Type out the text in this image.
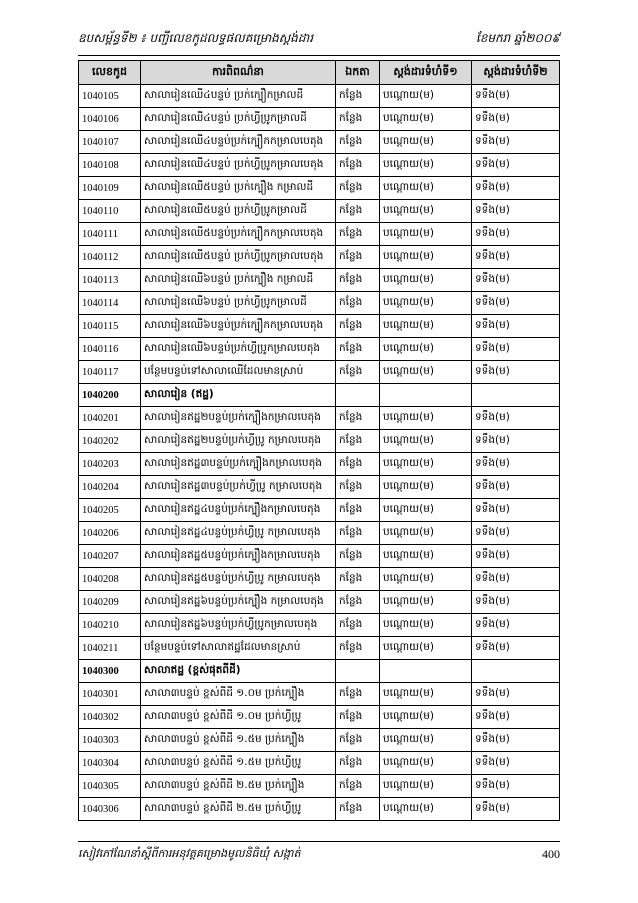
ឧបសម្ព័ន្ធទី២ ៖ បញ្ជីលេខកូដលទ្ធផលគម្រោងស្តង់ដារ	ខែមករា ឆ្នាំ២០០៩
លេខកូដ	ការពិពណ៌នា	ឯកតា	ស្តង់ដារទំហំទី១	ស្តង់ដារទំហំទី២
1040105	សាលារៀនឈើ៤បន្ទប់ ប្រក់ក្បឿកម្រាលដី	កន្លែង	បណ្តោយ(ម)	ទទឹង(ម)
1040106	សាលារៀនឈើ៤បន្ទប់ ប្រក់ហ្វីប្រូកម្រាលដី	កន្លែង	បណ្តោយ(ម)	ទទឹង(ម)
1040107	សាលារៀនឈើ៤បន្ទប់ប្រក់ក្បឿកកម្រាលបេតុង	កន្លែង	បណ្តោយ(ម)	ទទឹង(ម)
1040108	សាលារៀនឈើ៤បន្ទប់ ប្រក់ហ្វីប្រូកម្រាលបេតុង	កន្លែង	បណ្តោយ(ម)	ទទឹង(ម)
1040109	សាលារៀនឈើ៥បន្ទប់ ប្រក់ក្បឿង កម្រាលដី	កន្លែង	បណ្តោយ(ម)	ទទឹង(ម)
1040110	សាលារៀនឈើ៥បន្ទប់ ប្រក់ហ្វីប្រូកម្រាលដី	កន្លែង	បណ្តោយ(ម)	ទទឹង(ម)
1040111	សាលារៀនឈើ៥បន្ទប់ប្រក់ក្បឿកកម្រាលបេតុង	កន្លែង	បណ្តោយ(ម)	ទទឹង(ម)
1040112	សាលារៀនឈើ៥បន្ទប់ ប្រក់ហ្វីប្រូកម្រាលបេតុង	កន្លែង	បណ្តោយ(ម)	ទទឹង(ម)
1040113	សាលារៀនឈើ៦បន្ទប់ ប្រក់ក្បឿង កម្រាលដី	កន្លែង	បណ្តោយ(ម)	ទទឹង(ម)
1040114	សាលារៀនឈើ៦បន្ទប់ ប្រក់ហ្វីប្រូកម្រាលដី	កន្លែង	បណ្តោយ(ម)	ទទឹង(ម)
1040115	សាលារៀនឈើ៦បន្ទប់ប្រក់ក្បឿកកម្រាលបេតុង	កន្លែង	បណ្តោយ(ម)	ទទឹង(ម)
1040116	សាលារៀនឈើ៦បន្ទប់ប្រក់ហ្វីប្រូកម្រាលបេតុង	កន្លែង	បណ្តោយ(ម)	ទទឹង(ម)
1040117	បន្ថែមបន្ទប់ទៅសាលាឈើដែលមានស្រាប់	កន្លែង	បណ្តោយ(ម)	ទទឹង(ម)
1040200	សាលារៀន (ឥដ្ឋ)			
1040201	សាលារៀនឥដ្ឋ២បន្ទប់ប្រក់ក្បឿងកម្រាលបេតុង	កន្លែង	បណ្តោយ(ម)	ទទឹង(ម)
1040202	សាលារៀនឥដ្ឋ២បន្ទប់ប្រក់ហ្វីប្រូ កម្រាលបេតុង	កន្លែង	បណ្តោយ(ម)	ទទឹង(ម)
1040203	សាលារៀនឥដ្ឋ៣បន្ទប់ប្រក់ក្បឿងកម្រាលបេតុង	កន្លែង	បណ្តោយ(ម)	ទទឹង(ម)
1040204	សាលារៀនឥដ្ឋ៣បន្ទប់ប្រក់ហ្វីប្រូ កម្រាលបេតុង	កន្លែង	បណ្តោយ(ម)	ទទឹង(ម)
1040205	សាលារៀនឥដ្ឋ៤បន្ទប់ប្រក់ក្បឿងកម្រាលបេតុង	កន្លែង	បណ្តោយ(ម)	ទទឹង(ម)
1040206	សាលារៀនឥដ្ឋ៤បន្ទប់ប្រក់ហ្វីប្រូ កម្រាលបេតុង	កន្លែង	បណ្តោយ(ម)	ទទឹង(ម)
1040207	សាលារៀនឥដ្ឋ៥បន្ទប់ប្រក់ក្បឿងកម្រាលបេតុង	កន្លែង	បណ្តោយ(ម)	ទទឹង(ម)
1040208	សាលារៀនឥដ្ឋ៥បន្ទប់ប្រក់ហ្វីប្រូ កម្រាលបេតុង	កន្លែង	បណ្តោយ(ម)	ទទឹង(ម)
1040209	សាលារៀនឥដ្ឋ៦បន្ទប់ប្រក់ក្បឿង កម្រាលបេតុង	កន្លែង	បណ្តោយ(ម)	ទទឹង(ម)
1040210	សាលារៀនឥដ្ឋ៦បន្ទប់ប្រក់ហ្វីប្រូកម្រាលបេតុង	កន្លែង	បណ្តោយ(ម)	ទទឹង(ម)
1040211	បន្ថែមបន្ទប់ទៅសាលាឥដ្ឋដែលមានស្រាប់	កន្លែង	បណ្តោយ(ម)	ទទឹង(ម)
1040300	សាលាឥដ្ឋ (ខ្ពស់ផុតពីដី)			
1040301	សាលា៣បន្ទប់ ខ្ពស់ពីដី ១.០ម ប្រក់ក្បឿង	កន្លែង	បណ្តោយ(ម)	ទទឹង(ម)
1040302	សាលា៣បន្ទប់ ខ្ពស់ពីដី ១.០ម ប្រក់ហ្វីប្រូ	កន្លែង	បណ្តោយ(ម)	ទទឹង(ម)
1040303	សាលា៣បន្ទប់ ខ្ពស់ពីដី ១.៥ម ប្រក់ក្បឿង	កន្លែង	បណ្តោយ(ម)	ទទឹង(ម)
1040304	សាលា៣បន្ទប់ ខ្ពស់ពីដី ១.៥ម ប្រក់ហ្វីប្រូ	កន្លែង	បណ្តោយ(ម)	ទទឹង(ម)
1040305	សាលា៣បន្ទប់ ខ្ពស់ពីដី ២.៥ម ប្រក់ក្បឿង	កន្លែង	បណ្តោយ(ម)	ទទឹង(ម)
1040306	សាលា៣បន្ទប់ ខ្ពស់ពីដី ២.៥ម ប្រក់ហ្វីប្រូ	កន្លែង	បណ្តោយ(ម)	ទទឹង(ម)
សៀវភៅណែនាំស្តីពីការអនុវត្តគម្រោងមូលនិធិឃុំ សង្កាត់	400
